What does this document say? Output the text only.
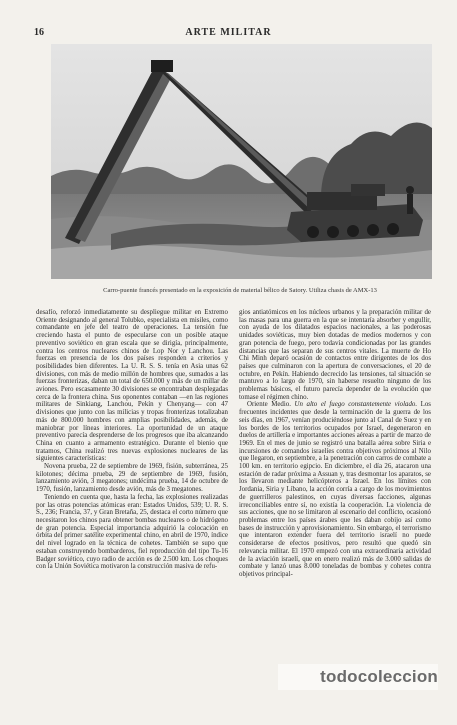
16	ARTE MILITAR
Carro-puente francés presentado en la exposición de material bélico de Satory. Utiliza chasis de AMX-13

desafío, reforzó inmediatamente su despliegue militar en Extremo Oriente designando al general Tolubko, especialista en misiles, como comandante en jefe del teatro de operaciones. La tensión fue creciendo hasta el punto de especularse con un posible ataque preventivo soviético en gran escala que se dirigía, principalmente, contra los centros nucleares chinos de Lop Nor y Lanchou. Las fuerzas en presencia de los dos países responden a criterios y posibilidades bien diferentes. La U. R. S. S. tenía en Asia unas 62 divisiones, con más de medio millón de hombres que, sumados a las fuerzas fronterizas, daban un total de 650.000 y más de un millar de aviones. Pero escasamente 30 divisiones se encontraban desplegadas cerca de la frontera china. Sus oponentes contaban —en las regiones militares de Sinkiang, Lanchou, Pekín y Chenyang— con 47 divisiones que junto con las milicias y tropas fronterizas totalizaban más de 800.000 hombres con amplias posibilidades, además, de maniobrar por líneas interiores. La oportunidad de un ataque preventivo parecía desprenderse de los progresos que iba alcanzando China en cuanto a armamento estratégico. Durante el bienio que tratamos, China realizó tres nuevas explosiones nucleares de las siguientes características:

Novena prueba, 22 de septiembre de 1969, fisión, subterránea, 25 kilotones; décima prueba, 29 de septiembre de 1969, fusión, lanzamiento avión, 3 megatones; undécima prueba, 14 de octubre de 1970, fusión, lanzamiento desde avión, más de 3 megatones.

Teniendo en cuenta que, hasta la fecha, las explosiones realizadas por las otras potencias atómicas eran: Estados Unidos, 539; U. R. S. S., 236; Francia, 37, y Gran Bretaña, 25, destaca el corto número que necesitaron los chinos para obtener bombas nucleares o de hidrógeno de gran potencia. Especial importancia adquirió la colocación en órbita del primer satélite experimental chino, en abril de 1970, índice del nivel logrado en la técnica de cohetes. También se supo que estaban construyendo bombarderos, fiel reproducción del tipo Tu-16 Badger soviético, cuyo radio de acción es de 2.500 km. Los choques con la Unión Soviética motivaron la construcción masiva de refu-

gios antiatómicos en los núcleos urbanos y la preparación militar de las masas para una guerra en la que se intentaría absorber y engullir, con ayuda de los dilatados espacios nacionales, a las poderosas unidades soviéticas, muy bien dotadas de medios modernos y con gran potencia de fuego, pero todavía condicionadas por las grandes distancias que las separan de sus centros vitales. La muerte de Ho Chi Minh deparó ocasión de contactos entre dirigentes de los dos países que culminaron con la apertura de conversaciones, el 20 de octubre, en Pekín. Habiendo decrecido las tensiones, tal situación se mantuvo a lo largo de 1970, sin haberse resuelto ninguno de los problemas básicos, el futuro parecía depender de la evolución que tomase el régimen chino.

Oriente Medio. Un alto el fuego constantemente violado. Los frecuentes incidentes que desde la terminación de la guerra de los seis días, en 1967, venían produciéndose junto al Canal de Suez y en los bordes de los territorios ocupados por Israel, degeneraron en duelos de artillería e importantes acciones aéreas a partir de marzo de 1969. En el mes de junio se registró una batalla aérea sobre Siria e incursiones de comandos israelíes contra objetivos próximos al Nilo que llegaron, en septiembre, a la penetración con carros de combate a 100 km. en territorio egipcio. En diciembre, el día 26, atacaron una estación de radar próxima a Assuan y, tras desmontar los aparatos, se los llevaron mediante helicópteros a Israel. En los límites con Jordania, Siria y Líbano, la acción corría a cargo de los movimientos de guerrilleros palestinos, en cuyas diversas facciones, algunas irreconciliables entre sí, no existía la cooperación. La violencia de sus acciones, que no se limitaron al escenario del conflicto, ocasionó problemas entre los países árabes que les daban cobijo así como bases de instrucción y aprovisionamiento. Sin embargo, el terrorismo que intentaron extender fuera del territorio israelí no puede considerarse de efectos positivos, pero resultó que quedó sin relevancia militar. El 1970 empezó con una extraordinaria actividad de la aviación israelí, que en enero realizó más de 3.000 salidas de combate y lanzó unas 8.000 toneladas de bombas y cohetes contra objetivos principal-

todocoleccion
